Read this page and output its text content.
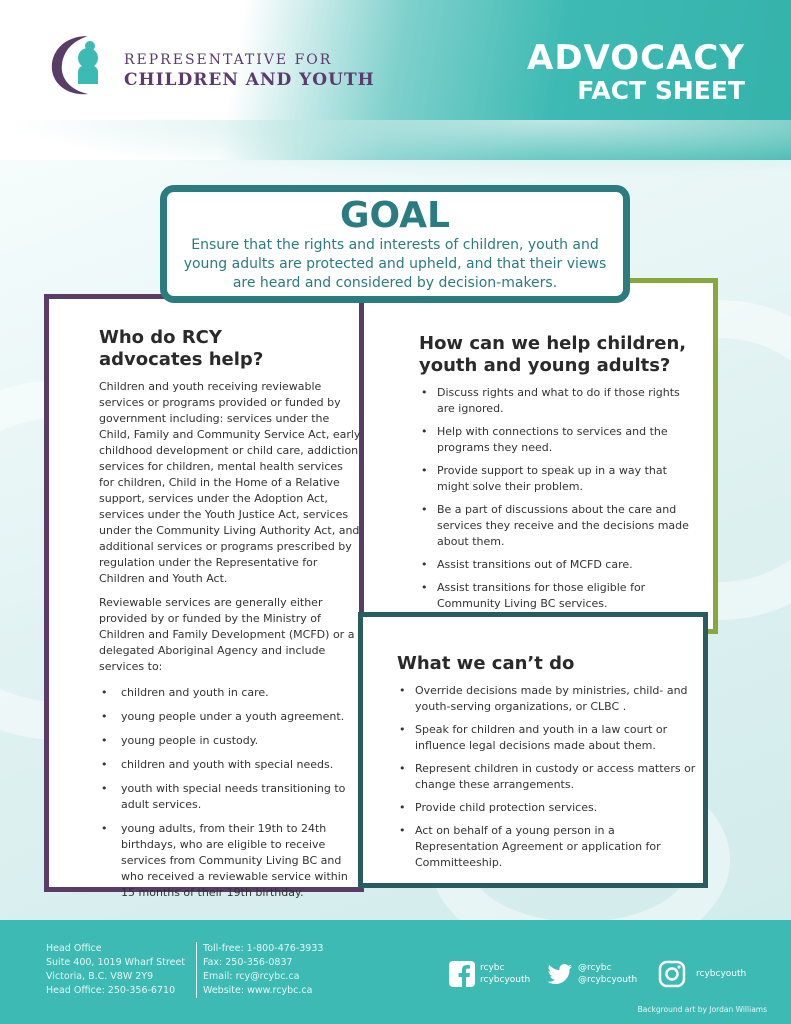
REPRESENTATIVE FOR
CHILDREN AND YOUTH
ADVOCACY
FACT SHEET
GOAL

Ensure that the rights and interests of children, youth and young adults are protected and upheld, and that their views are heard and considered by decision-makers.

Who do RCY
advocates help?

Children and youth receiving reviewable services or programs provided or funded by government including: services under the Child, Family and Community Service Act, early childhood development or child care, addiction services for children, mental health services for children, Child in the Home of a Relative support, services under the Adoption Act, services under the Youth Justice Act, services under the Community Living Authority Act, and additional services or programs prescribed by regulation under the Representative for Children and Youth Act.

Reviewable services are generally either provided by or funded by the Ministry of Children and Family Development (MCFD) or a delegated Aboriginal Agency and include services to:

• children and youth in care.
• young people under a youth agreement.
• young people in custody.
• children and youth with special needs.
• youth with special needs transitioning to adult services.
• young adults, from their 19th to 24th birthdays, who are eligible to receive services from Community Living BC and who received a reviewable service within 15 months of their 19th birthday.
How can we help children,
youth and young adults?
• Discuss rights and what to do if those rights are ignored.
• Help with connections to services and the programs they need.
• Provide support to speak up in a way that might solve their problem.
• Be a part of discussions about the care and services they receive and the decisions made about them.
• Assist transitions out of MCFD care.
• Assist transitions for those eligible for Community Living BC services.
What we can’t do
• Override decisions made by ministries, child- and youth-serving organizations, or CLBC .
• Speak for children and youth in a law court or influence legal decisions made about them.
• Represent children in custody or access matters or change these arrangements.
• Provide child protection services.
• Act on behalf of a young person in a Representation Agreement or application for Committeeship.
Head Office
Suite 400, 1019 Wharf Street
Victoria, B.C. V8W 2Y9
Head Office: 250-356-6710
Toll-free: 1-800-476-3933
Fax: 250-356-0837
Email: rcy@rcybc.ca
Website: www.rcybc.ca
rcybc
rcybcyouth
@rcybc
@rcybcyouth
rcybcyouth
Background art by Jordan Williams
